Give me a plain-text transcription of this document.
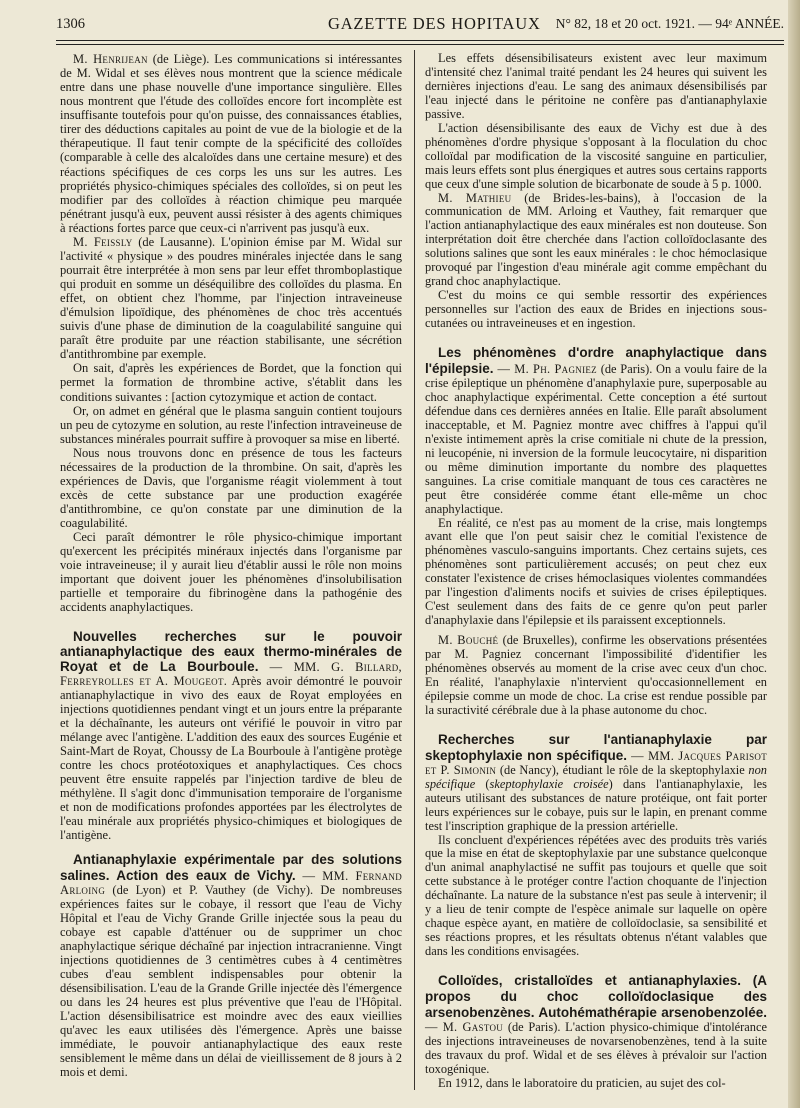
1306	GAZETTE DES HOPITAUX N° 82, 18 et 20 oct. 1921. — 94ᵉ ANNÉE.

M. Henrijean (de Liège). Les communications si intéressantes de M. Widal et ses élèves nous montrent que la science médicale entre dans une phase nouvelle d'une importance singulière. Elles nous montrent que l'étude des colloïdes encore fort incomplète est insuffisante toutefois pour qu'on puisse, des connaissances établies, tirer des déductions capitales au point de vue de la biologie et de la thérapeutique. Il faut tenir compte de la spécificité des colloïdes (comparable à celle des alcaloïdes dans une certaine mesure) et des réactions spécifiques de ces corps les uns sur les autres. Les propriétés physico-chimiques spéciales des colloïdes, si on peut les modifier par des colloïdes à réaction chimique peu marquée pénétrant jusqu'à eux, peuvent aussi résister à des agents chimiques à réactions fortes parce que ceux-ci n'arrivent pas jusqu'à eux.

M. Feissly (de Lausanne). L'opinion émise par M. Widal sur l'activité « physique » des poudres minérales injectée dans le sang pourrait être interprétée à mon sens par leur effet thromboplastique qui produit en somme un déséquilibre des colloïdes du plasma. En effet, on obtient chez l'homme, par l'injection intraveineuse d'émulsion lipoïdique, des phénomènes de choc très accentués suivis d'une phase de diminution de la coagulabilité sanguine qui paraît être produite par une réaction stabilisante, une sécrétion d'antithrombine par exemple.

On sait, d'après les expériences de Bordet, que la fonction qui permet la formation de thrombine active, s'établit dans les conditions suivantes : [action cytozymique et action de contact.

Or, on admet en général que le plasma sanguin contient toujours un peu de cytozyme en solution, au reste l'infection intraveineuse de substances minérales pourrait suffire à provoquer sa mise en liberté.

Nous nous trouvons donc en présence de tous les facteurs nécessaires de la production de la thrombine. On sait, d'après les expériences de Davis, que l'organisme réagit violemment à tout excès de cette substance par une production exagérée d'antithrombine, ce qu'on constate par une diminution de la coagulabilité.

Ceci paraît démontrer le rôle physico-chimique important qu'exercent les précipités minéraux injectés dans l'organisme par voie intraveineuse; il y aurait lieu d'établir aussi le rôle non moins important que doivent jouer les phénomènes d'insolubilisation partielle et temporaire du fibrinogène dans la pathogénie des accidents anaphylactiques.

Nouvelles recherches sur le pouvoir antianaphylactique des eaux thermo-minérales de Royat et de La Bourboule. — MM. G. Billard, Ferreyrolles et A. Mougeot. Après avoir démontré le pouvoir antianaphylactique in vivo des eaux de Royat employées en injections quotidiennes pendant vingt et un jours entre la préparante et la déchaînante, les auteurs ont vérifié le pouvoir in vitro par mélange avec l'antigène. L'addition des eaux des sources Eugénie et Saint-Mart de Royat, Choussy de La Bourboule à l'antigène protège contre les chocs protéotoxiques et anaphylactiques. Ces chocs peuvent être ensuite rappelés par l'injection tardive de bleu de méthylène. Il s'agit donc d'immunisation temporaire de l'organisme et non de modifications profondes apportées par les électrolytes de l'eau minérale aux propriétés physico-chimiques et biologiques de l'antigène.
Antianaphylaxie expérimentale par des solutions salines. Action des eaux de Vichy. — MM. Fernand Arloing (de Lyon) et P. Vauthey (de Vichy). De nombreuses expériences faites sur le cobaye, il ressort que l'eau de Vichy Hôpital et l'eau de Vichy Grande Grille injectée sous la peau du cobaye est capable d'atténuer ou de supprimer un choc anaphylactique sérique déchaîné par injection intracranienne. Vingt injections quotidiennes de 3 centimètres cubes à 4 centimètres cubes d'eau semblent indispensables pour obtenir la désensibilisation. L'eau de la Grande Grille injectée dès l'émergence ou dans les 24 heures est plus préventive que l'eau de l'Hôpital. L'action désensibilisatrice est moindre avec des eaux vieillies qu'avec les eaux utilisées dès l'émergence. Après une baisse immédiate, le pouvoir antianaphylactique des eaux reste sensiblement le même dans un délai de vieillissement de 8 jours à 2 mois et demi.

Les effets désensibilisateurs existent avec leur maximum d'intensité chez l'animal traité pendant les 24 heures qui suivent les dernières injections d'eau. Le sang des animaux désensibilisés par l'eau injecté dans le péritoine ne confère pas d'antianaphylaxie passive.

L'action désensibilisante des eaux de Vichy est due à des phénomènes d'ordre physique s'opposant à la floculation du choc colloïdal par modification de la viscosité sanguine en particulier, mais leurs effets sont plus énergiques et autres sous certains rapports que ceux d'une simple solution de bicarbonate de soude à 5 p. 1000.

M. Mathieu (de Brides-les-bains), à l'occasion de la communication de MM. Arloing et Vauthey, fait remarquer que l'action antianaphylactique des eaux minérales est non douteuse. Son interprétation doit être cherchée dans l'action colloïdoclasante des solutions salines que sont les eaux minérales : le choc hémoclasique provoqué par l'ingestion d'eau minérale agit comme empêchant du grand choc anaphylactique.

C'est du moins ce qui semble ressortir des expériences personnelles sur l'action des eaux de Brides en injections sous-cutanées ou intraveineuses et en ingestion.

Les phénomènes d'ordre anaphylactique dans l'épilepsie. — M. Ph. Pagniez (de Paris). On a voulu faire de la crise épileptique un phénomène d'anaphylaxie pure, superposable au choc anaphylactique expérimental. Cette conception a été surtout défendue dans ces dernières années en Italie. Elle paraît absolument inacceptable, et M. Pagniez montre avec chiffres à l'appui qu'il n'existe intimement après la crise comitiale ni chute de la pression, ni leucopénie, ni inversion de la formule leucocytaire, ni disparition ou même diminution importante du nombre des plaquettes sanguines. La crise comitiale manquant de tous ces caractères ne peut être considérée comme étant elle-même un choc anaphylactique.

En réalité, ce n'est pas au moment de la crise, mais longtemps avant elle que l'on peut saisir chez le comitial l'existence de phénomènes vasculo-sanguins importants. Chez certains sujets, ces phénomènes sont particulièrement accusés; on peut chez eux constater l'existence de crises hémoclasiques violentes commandées par l'ingestion d'aliments nocifs et suivies de crises épileptiques. C'est seulement dans des faits de ce genre qu'on peut parler d'anaphylaxie dans l'épilepsie et ils paraissent exceptionnels.

M. Bouché (de Bruxelles), confirme les observations présentées par M. Pagniez concernant l'impossibilité d'identifier les phénomènes observés au moment de la crise avec ceux d'un choc. En réalité, l'anaphylaxie n'intervient qu'occasionnellement en épilepsie comme un mode de choc. La crise est rendue possible par la suractivité cérébrale due à la phase autonome du choc.

Recherches sur l'antianaphylaxie par skeptophylaxie non spécifique. — MM. Jacques Parisot et P. Simonin (de Nancy), étudiant le rôle de la skeptophylaxie non spécifique (skeptophylaxie croisée) dans l'antianaphylaxie, les auteurs utilisant des substances de nature protéique, ont fait porter leurs expériences sur le cobaye, puis sur le lapin, en prenant comme test l'inscription graphique de la pression artérielle.

Ils concluent d'expériences répétées avec des produits très variés que la mise en état de skeptophylaxie par une substance quelconque d'un animal anaphylactisé ne suffit pas toujours et quelle que soit cette substance à le protéger contre l'action choquante de l'injection déchaînante. La nature de la substance n'est pas seule à intervenir; il y a lieu de tenir compte de l'espèce animale sur laquelle on opère chaque espèce ayant, en matière de colloïdoclasie, sa sensibilité et ses réactions propres, et les résultats obtenus n'étant valables que dans les conditions envisagées.

Colloïdes, cristalloïdes et antianaphylaxies. (A propos du choc colloïdoclasique des arsenobenzènes. Autohémathérapie arsenobenzolée. — M. Gastou (de Paris). L'action physico-chimique d'intolérance des injections intraveineuses de novarsenobenzènes, tend à la suite des travaux du prof. Widal et de ses élèves à prévaloir sur l'action toxogénique.

En 1912, dans le laboratoire du praticien, au sujet des col-
